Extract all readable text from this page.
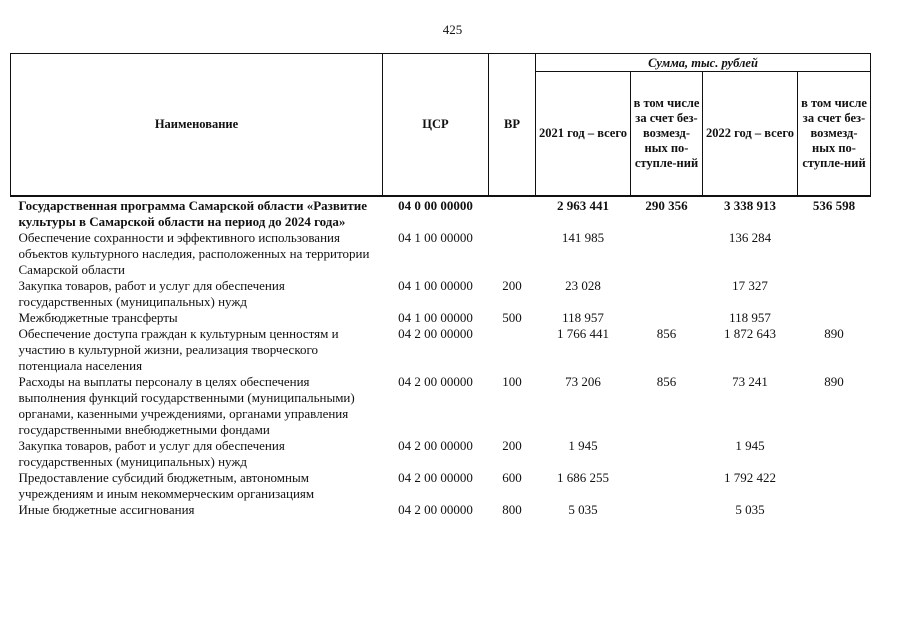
425
Наименование	ЦСР	ВР	Сумма, тыс. рублей			
			2021 год – всего	в том числе за счет без-возмезд-ных по-ступле-ний	2022 год – всего	в том числе за счет без-возмезд-ных по-ступле-ний
Государственная программа Самарской области «Развитие культуры в Самарской области на период до 2024 года»	04 0 00 00000		2 963 441	290 356	3 338 913	536 598
Обеспечение сохранности и эффективного использования объектов культурного наследия, расположенных на территории Самарской области	04 1 00 00000		141 985		136 284	
Закупка товаров, работ и услуг для обеспечения государственных (муниципальных) нужд	04 1 00 00000	200	23 028		17 327	
Межбюджетные трансферты	04 1 00 00000	500	118 957		118 957	
Обеспечение доступа граждан к культурным ценностям и участию в культурной жизни, реализация творческого потенциала населения	04 2 00 00000		1 766 441	856	1 872 643	890
Расходы на выплаты персоналу в целях обеспечения выполнения функций государственными (муниципальными) органами, казенными учреждениями, органами управления государственными внебюджетными фондами	04 2 00 00000	100	73 206	856	73 241	890
Закупка товаров, работ и услуг для обеспечения государственных (муниципальных) нужд	04 2 00 00000	200	1 945		1 945	
Предоставление субсидий бюджетным, автономным учреждениям и иным некоммерческим организациям	04 2 00 00000	600	1 686 255		1 792 422	
Иные бюджетные ассигнования	04 2 00 00000	800	5 035		5 035	
